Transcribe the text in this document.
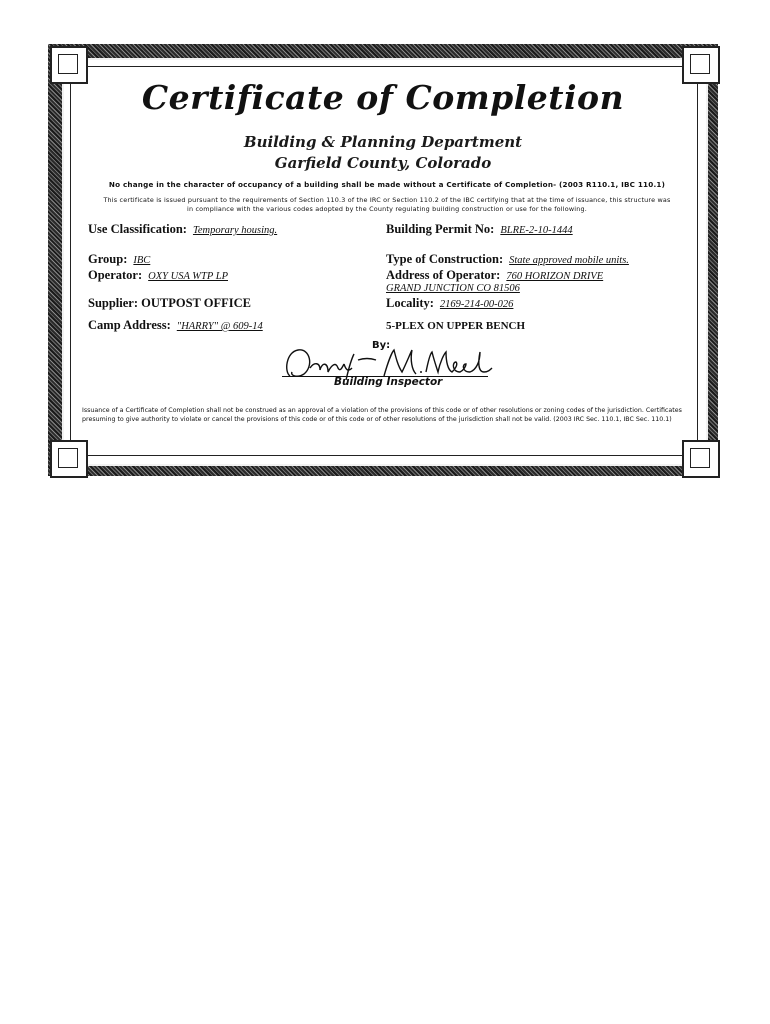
Certificate of Completion
Building & Planning Department
Garfield County, Colorado
No change in the character of occupancy of a building shall be made without a Certificate of Completion- (2003 R110.1, IBC 110.1)
This certificate is issued pursuant to the requirements of Section 110.3 of the IRC or Section 110.2 of the IBC certifying that at the time of issuance, this structure was in compliance with the various codes adopted by the County regulating building construction or use for the following.
Use Classification: Temporary housing.
Group: IBC
Operator: OXY USA WTP LP
Supplier: OUTPOST OFFICE
Camp Address: "HARRY" @ 609-14
Building Permit No: BLRE-2-10-1444
Type of Construction: State approved mobile units.
Address of Operator: 760 HORIZON DRIVE
GRAND JUNCTION CO 81506
Locality: 2169-214-00-026
5-PLEX ON UPPER BENCH
By:
Building Inspector
Issuance of a Certificate of Completion shall not be construed as an approval of a violation of the provisions of this code or of other resolutions or zoning codes of the jurisdiction. Certificates presuming to give authority to violate or cancel the provisions of this code or of this code or of other resolutions of the jurisdiction shall not be valid. (2003 IRC Sec. 110.1, IBC Sec. 110.1)
